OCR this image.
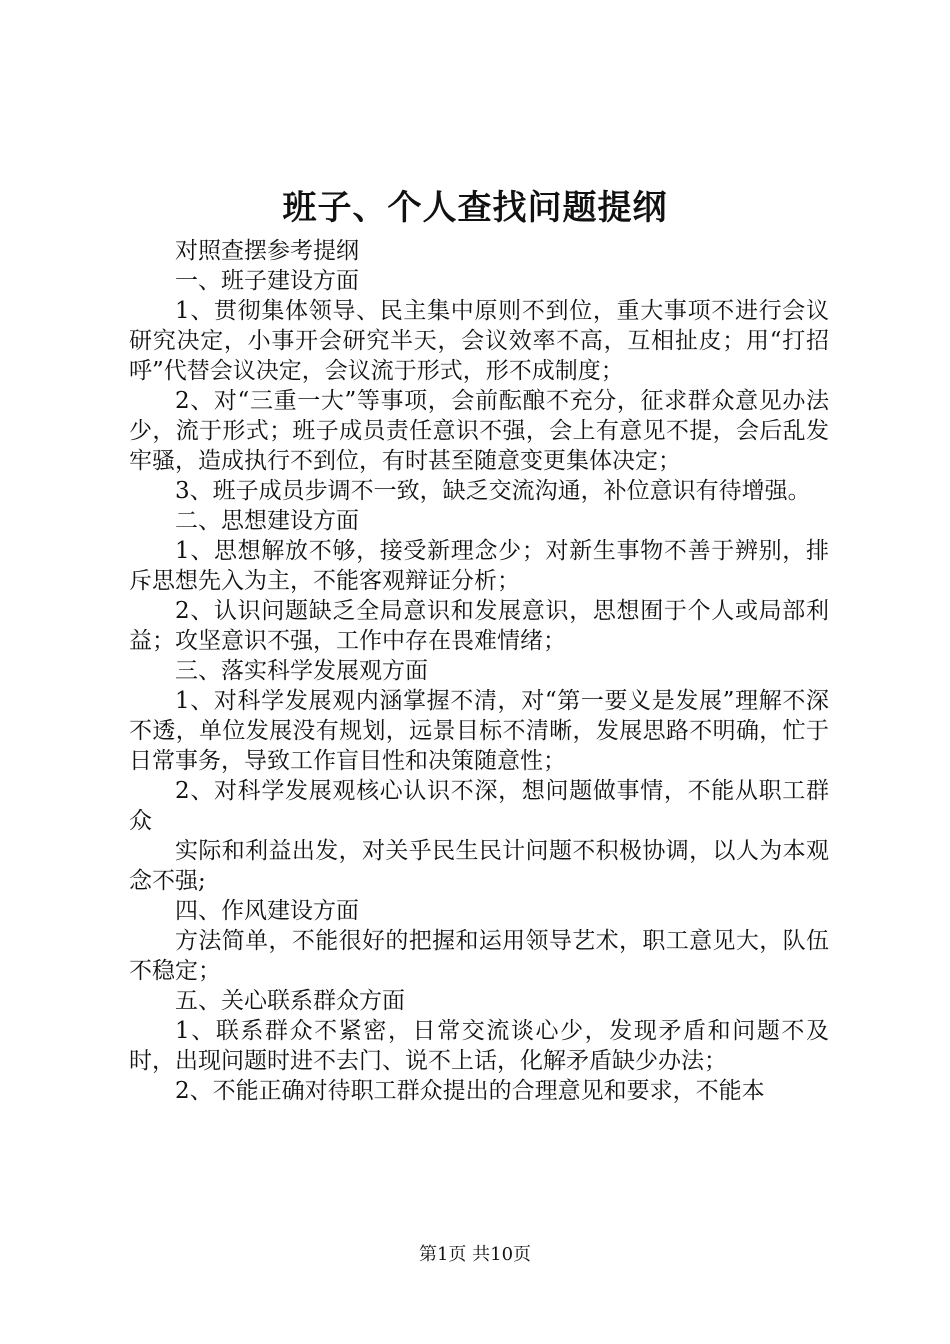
班子、个人查找问题提纲

对照查摆参考提纲

一、班子建设方面

1、贯彻集体领导、民主集中原则不到位，重大事项不进行会议研究决定，小事开会研究半天，会议效率不高，互相扯皮；用“打招呼”代替会议决定，会议流于形式，形不成制度；

2、对“三重一大”等事项，会前酝酿不充分，征求群众意见办法少，流于形式；班子成员责任意识不强，会上有意见不提，会后乱发牢骚，造成执行不到位，有时甚至随意变更集体决定；

3、班子成员步调不一致，缺乏交流沟通，补位意识有待增强。

二、思想建设方面

1、思想解放不够，接受新理念少；对新生事物不善于辨别，排斥思想先入为主，不能客观辩证分析；

2、认识问题缺乏全局意识和发展意识，思想囿于个人或局部利益；攻坚意识不强，工作中存在畏难情绪；

三、落实科学发展观方面

1、对科学发展观内涵掌握不清，对“第一要义是发展”理解不深不透，单位发展没有规划，远景目标不清晰，发展思路不明确，忙于日常事务，导致工作盲目性和决策随意性；

2、对科学发展观核心认识不深，想问题做事情，不能从职工群众

实际和利益出发，对关乎民生民计问题不积极协调，以人为本观念不强;

四、作风建设方面

方法简单，不能很好的把握和运用领导艺术，职工意见大，队伍不稳定；

五、关心联系群众方面

1、联系群众不紧密，日常交流谈心少，发现矛盾和问题不及时，出现问题时进不去门、说不上话，化解矛盾缺少办法；

2、不能正确对待职工群众提出的合理意见和要求，不能本

第1页 共10页
